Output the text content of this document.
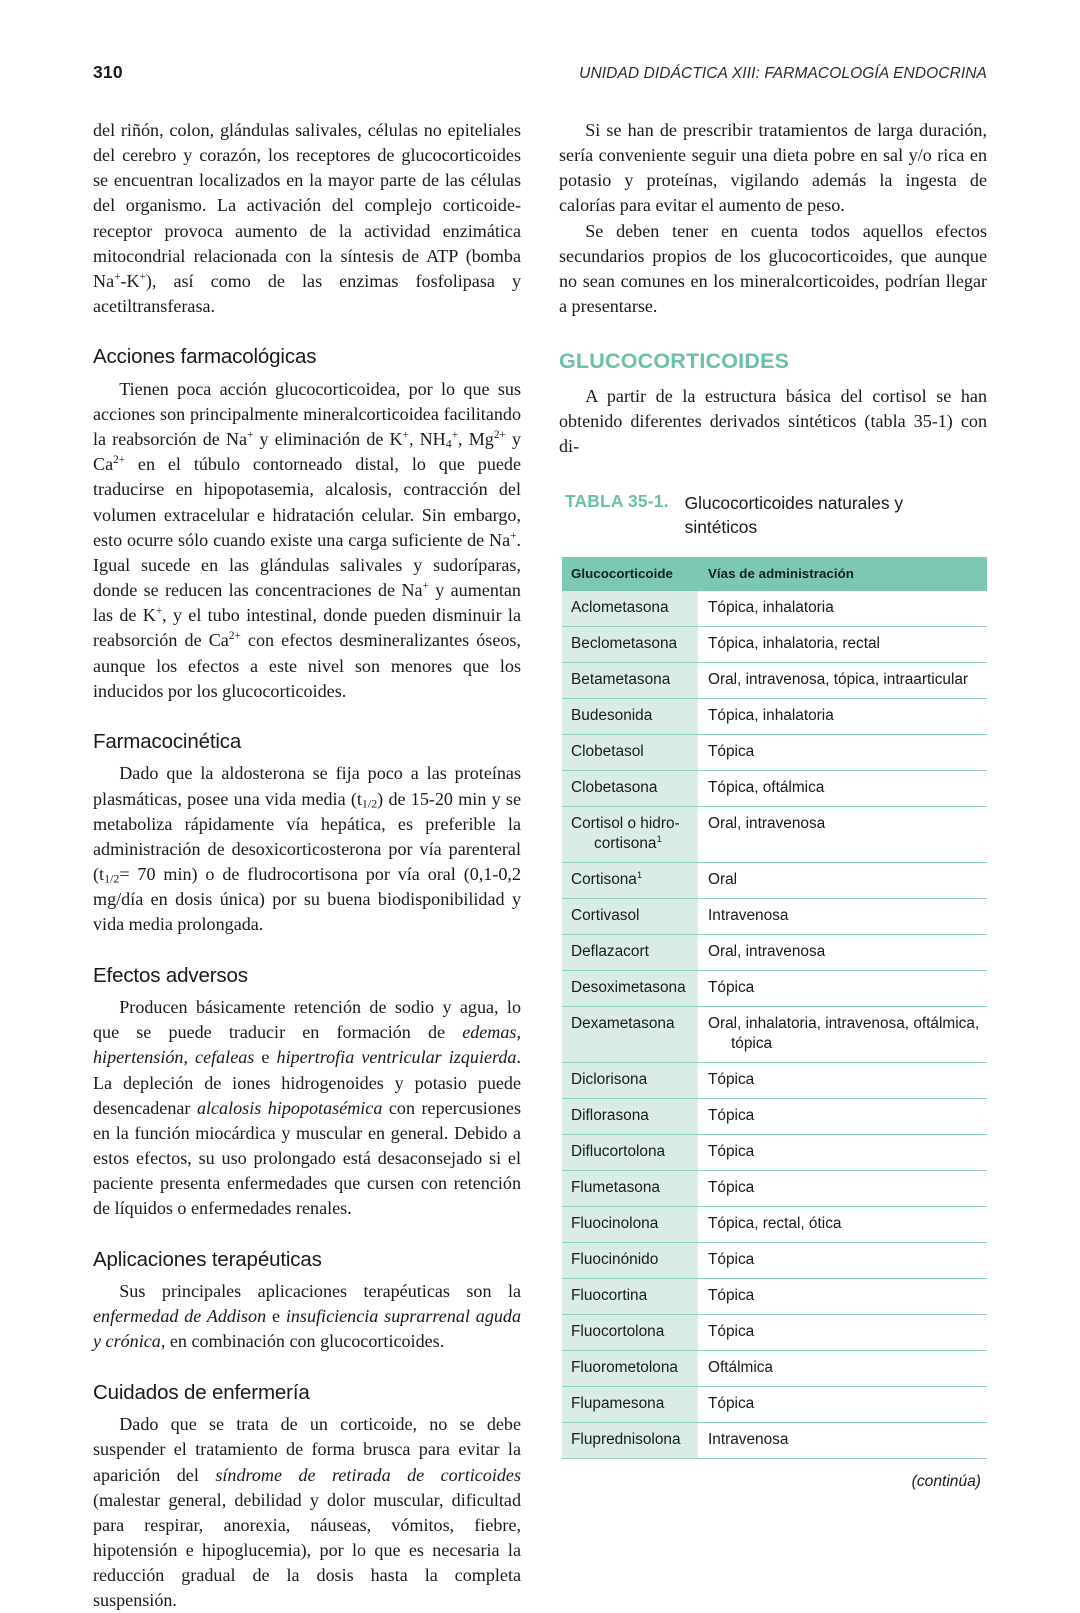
310	UNIDAD DIDÁCTICA XIII: FARMACOLOGÍA ENDOCRINA

del riñón, colon, glándulas salivales, células no epiteliales del cerebro y corazón, los receptores de glucocorticoides se encuentran localizados en la mayor parte de las células del organismo. La activación del complejo corticoide-receptor provoca aumento de la actividad enzimática mitocondrial relacionada con la síntesis de ATP (bomba Na+-K+), así como de las enzimas fosfolipasa y acetiltransferasa.

Acciones farmacológicas

Tienen poca acción glucocorticoidea, por lo que sus acciones son principalmente mineralcorticoidea facilitando la reabsorción de Na+ y eliminación de K+, $NH_4^+$, $Mg^{2+}$ y $Ca^{2+}$ en el túbulo contorneado distal, lo que puede traducirse en hipopotasemia, alcalosis, contracción del volumen extracelular e hidratación celular. Sin embargo, esto ocurre sólo cuando existe una carga suficiente de Na+. Igual sucede en las glándulas salivales y sudoríparas, donde se reducen las concentraciones de Na+ y aumentan las de K+, y el tubo intestinal, donde pueden disminuir la reabsorción de $Ca^{2+}$ con efectos desmineralizantes óseos, aunque los efectos a este nivel son menores que los inducidos por los glucocorticoides.

Farmacocinética

Dado que la aldosterona se fija poco a las proteínas plasmáticas, posee una vida media $(t_{1/2})$ de 15-20 min y se metaboliza rápidamente vía hepática, es preferible la administración de desoxicorticosterona por vía parenteral ($t_{1/2}= 70$ min) o de fludrocortisona por vía oral (0,1-0,2 mg/día en dosis única) por su buena biodisponibilidad y vida media prolongada.

Efectos adversos

Producen básicamente retención de sodio y agua, lo que se puede traducir en formación de edemas, hipertensión, cefaleas e hipertrofia ventricular izquierda. La depleción de iones hidrogenoides y potasio puede desencadenar alcalosis hipopotasémica con repercusiones en la función miocárdica y muscular en general. Debido a estos efectos, su uso prolongado está desaconsejado si el paciente presenta enfermedades que cursen con retención de líquidos o enfermedades renales.

Aplicaciones terapéuticas

Sus principales aplicaciones terapéuticas son la enfermedad de Addison e insuficiencia suprarrenal aguda y crónica, en combinación con glucocorticoides.

Cuidados de enfermería

Dado que se trata de un corticoide, no se debe suspender el tratamiento de forma brusca para evitar la aparición del síndrome de retirada de corticoides (malestar general, debilidad y dolor muscular, dificultad para respirar, anorexia, náuseas, vómitos, fiebre, hipotensión e hipoglucemia), por lo que es necesaria la reducción gradual de la dosis hasta la completa suspensión.

Si se han de prescribir tratamientos de larga duración, sería conveniente seguir una dieta pobre en sal y/o rica en potasio y proteínas, vigilando además la ingesta de calorías para evitar el aumento de peso.

Se deben tener en cuenta todos aquellos efectos secundarios propios de los glucocorticoides, que aunque no sean comunes en los mineralcorticoides, podrían llegar a presentarse.

GLUCOCORTICOIDES

A partir de la estructura básica del cortisol se han obtenido diferentes derivados sintéticos (tabla 35-1) con di-

TABLA 35-1. Glucocorticoides naturales y sintéticos
Glucocorticoide	Vías de administración
Aclometasona	Tópica, inhalatoria
Beclometasona	Tópica, inhalatoria, rectal
Betametasona	Oral, intravenosa, tópica, intraarticular
Budesonida	Tópica, inhalatoria
Clobetasol	Tópica
Clobetasona	Tópica, oftálmica
Cortisol o hidro-
cortisona$^1$	Oral, intravenosa
Cortisona$^1$	Oral
Cortivasol	Intravenosa
Deflazacort	Oral, intravenosa
Desoximetasona	Tópica
Dexametasona	Oral, inhalatoria, intravenosa, oftálmica,
tópica

Diclorisona	Tópica
Diflorasona	Tópica
Diflucortolona	Tópica
Flumetasona	Tópica
Fluocinolona	Tópica, rectal, ótica
Fluocinónido	Tópica
Fluocortina	Tópica
Fluocortolona	Tópica
Fluorometolona	Oftálmica
Flupamesona	Tópica
Fluprednisolona	Intravenosa
(continúa)
